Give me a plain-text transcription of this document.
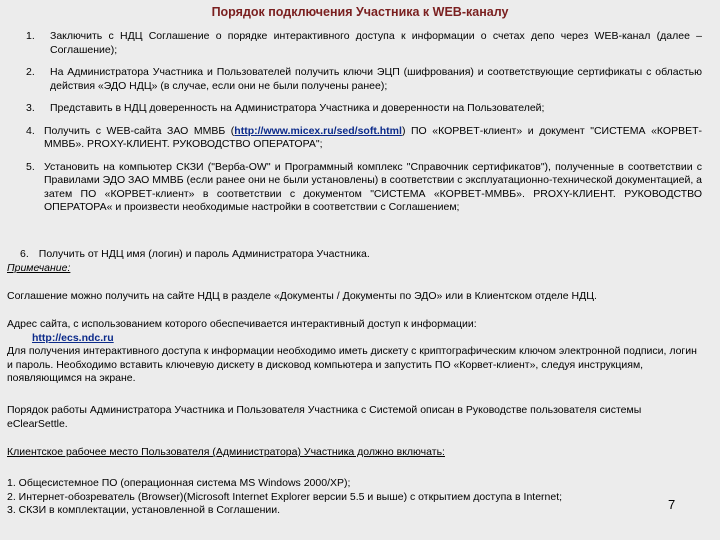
Порядок подключения Участника к WEB-каналу
1. Заключить с НДЦ Соглашение о порядке интерактивного доступа к информации о счетах депо через WEB-канал (далее – Соглашение);
2. На Администратора Участника и Пользователей получить ключи ЭЦП (шифрования) и соответствующие сертификаты с областью действия «ЭДО НДЦ» (в случае, если они не были получены ранее);
3. Представить в НДЦ доверенность на Администратора Участника и доверенности на Пользователей;
4. Получить с WEB-сайта ЗАО ММВБ (http://www.micex.ru/sed/soft.html) ПО «КОРВЕТ-клиент» и документ "СИСТЕМА «КОРВЕТ-ММВБ». PROXY-КЛИЕНТ. РУКОВОДСТВО ОПЕРАТОРА";
5. Установить на компьютер СКЗИ ("Верба-OW" и Программный комплекс "Справочник сертификатов"), полученные в соответствии с Правилами ЭДО ЗАО ММВБ (если ранее они не были установлены) в соответствии с эксплуатационно-технической документацией, а затем ПО «КОРВЕТ-клиент» в соответствии с документом "СИСТЕМА «КОРВЕТ-ММВБ». PROXY-КЛИЕНТ. РУКОВОДСТВО ОПЕРАТОРА« и произвести необходимые настройки в соответствии с Соглашением;
6. Получить от НДЦ имя (логин) и пароль Администратора Участника.
Примечание:
Соглашение можно получить на сайте НДЦ в разделе «Документы / Документы по ЭДО» или в Клиентском отделе НДЦ.
Адрес сайта, с использованием которого обеспечивается интерактивный доступ к информации:
http://ecs.ndc.ru
Для получения интерактивного доступа к информации необходимо иметь дискету с криптографическим ключом электронной подписи, логин и пароль. Необходимо вставить ключевую дискету в дисковод компьютера и запустить ПО «Корвет-клиент», следуя инструкциям, появляющимся на экране.
Порядок работы Администратора Участника и Пользователя Участника с Системой описан в Руководстве пользователя системы eClearSettle.
Клиентское рабочее место Пользователя (Администратора) Участника должно включать:
1. Общесистемное ПО (операционная система MS Windows 2000/XP);
2. Интернет-обозреватель (Browser)(Microsoft Internet Explorer версии 5.5 и выше) с открытием доступа в Internet;
3. СКЗИ в комплектации, установленной в Соглашении.	7
